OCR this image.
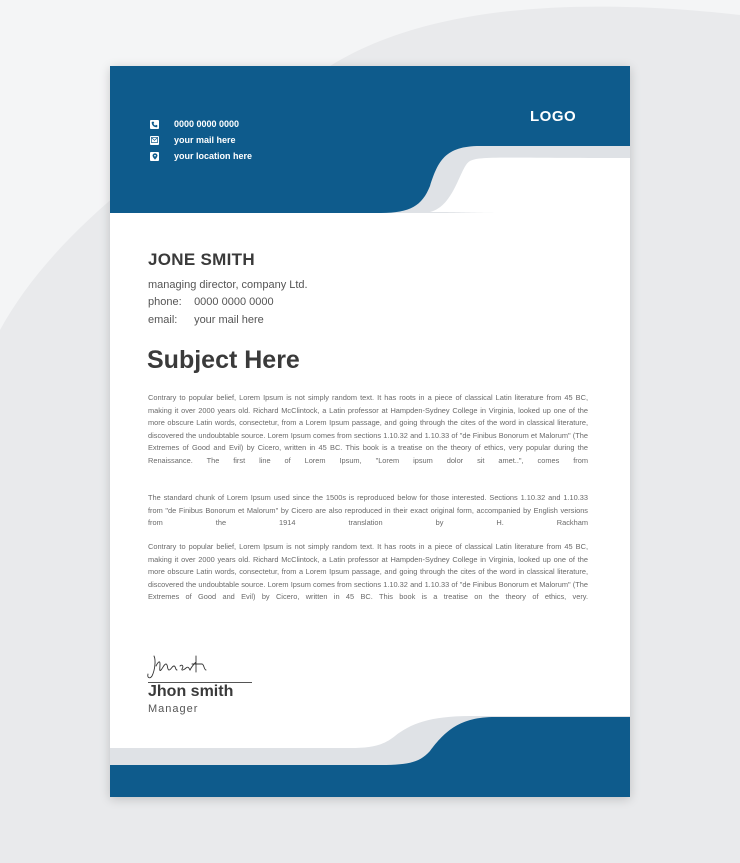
LOGO
0000 0000 0000
your mail here
your location here
JONE SMITH
managing director, company Ltd.
phone: 0000 0000 0000
email: your mail here
Subject Here

Contrary to popular belief, Lorem Ipsum is not simply random text. It has roots in a piece of classical Latin literature from 45 BC, making it over 2000 years old. Richard McClintock, a Latin professor at Hampden-Sydney College in Virginia, looked up one of the more obscure Latin words, consectetur, from a Lorem Ipsum passage, and going through the cites of the word in classical literature, discovered the undoubtable source. Lorem Ipsum comes from sections 1.10.32 and 1.10.33 of "de Finibus Bonorum et Malorum" (The Extremes of Good and Evil) by Cicero, written in 45 BC. This book is a treatise on the theory of ethics, very popular during the Renaissance. The first line of Lorem Ipsum, "Lorem ipsum dolor sit amet..", comes from

The standard chunk of Lorem Ipsum used since the 1500s is reproduced below for those interested. Sections 1.10.32 and 1.10.33 from "de Finibus Bonorum et Malorum" by Cicero are also reproduced in their exact original form, accompanied by English versions from the 1914 translation by H. Rackham

Contrary to popular belief, Lorem Ipsum is not simply random text. It has roots in a piece of classical Latin literature from 45 BC, making it over 2000 years old. Richard McClintock, a Latin professor at Hampden-Sydney College in Virginia, looked up one of the more obscure Latin words, consectetur, from a Lorem Ipsum passage, and going through the cites of the word in classical literature, discovered the undoubtable source. Lorem Ipsum comes from sections 1.10.32 and 1.10.33 of "de Finibus Bonorum et Malorum" (The Extremes of Good and Evil) by Cicero, written in 45 BC. This book is a treatise on the theory of ethics, very.

Jhon smith
Manager
